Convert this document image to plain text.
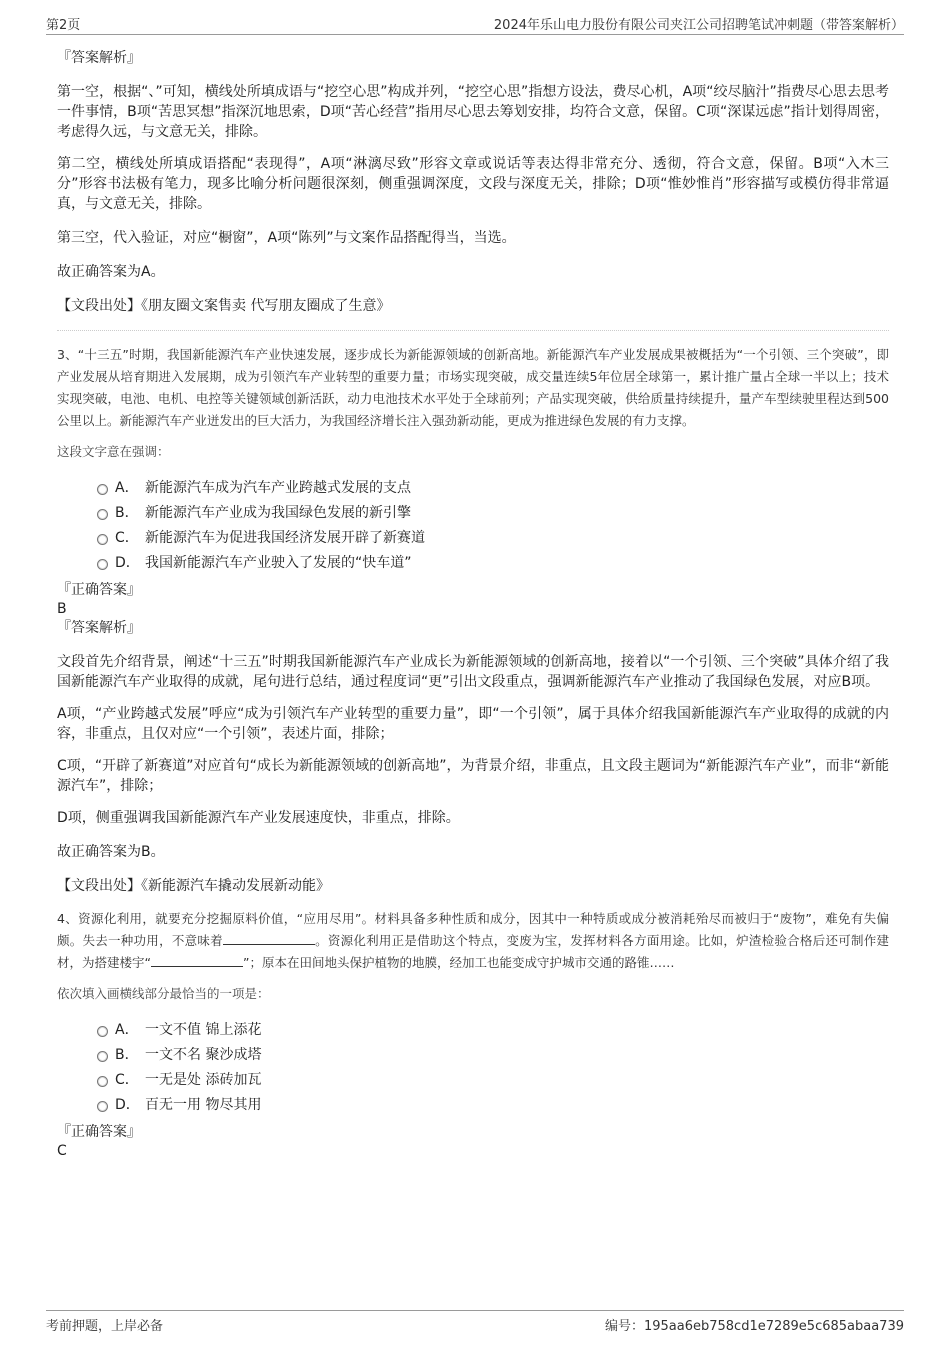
第2页	2024年乐山电力股份有限公司夹江公司招聘笔试冲刺题（带答案解析）
『答案解析』

第一空，根据“、”可知，横线处所填成语与“挖空心思”构成并列，“挖空心思”指想方设法，费尽心机，A项“绞尽脑汁”指费尽心思去思考一件事情，B项“苦思冥想”指深沉地思索，D项“苦心经营”指用尽心思去筹划安排，均符合文意，保留。C项“深谋远虑”指计划得周密，考虑得久远，与文意无关，排除。

第二空，横线处所填成语搭配“表现得”，A项“淋漓尽致”形容文章或说话等表达得非常充分、透彻，符合文意，保留。B项“入木三分”形容书法极有笔力，现多比喻分析问题很深刻，侧重强调深度，文段与深度无关，排除；D项“惟妙惟肖”形容描写或模仿得非常逼真，与文意无关，排除。

第三空，代入验证，对应“橱窗”，A项“陈列”与文案作品搭配得当，当选。

故正确答案为A。

【文段出处】《朋友圈文案售卖 代写朋友圈成了生意》

3、“十三五”时期，我国新能源汽车产业快速发展，逐步成长为新能源领域的创新高地。新能源汽车产业发展成果被概括为“一个引领、三个突破”，即产业发展从培育期进入发展期，成为引领汽车产业转型的重要力量；市场实现突破，成交量连续5年位居全球第一，累计推广量占全球一半以上；技术实现突破，电池、电机、电控等关键领域创新活跃，动力电池技术水平处于全球前列；产品实现突破，供给质量持续提升，量产车型续驶里程达到500公里以上。新能源汽车产业迸发出的巨大活力，为我国经济增长注入强劲新动能，更成为推进绿色发展的有力支撑。

这段文字意在强调：
A． 新能源汽车成为汽车产业跨越式发展的支点
B． 新能源汽车产业成为我国绿色发展的新引擎
C． 新能源汽车为促进我国经济发展开辟了新赛道
D． 我国新能源汽车产业驶入了发展的“快车道”
『正确答案』
B
『答案解析』

文段首先介绍背景，阐述“十三五”时期我国新能源汽车产业成长为新能源领域的创新高地，接着以“一个引领、三个突破”具体介绍了我国新能源汽车产业取得的成就，尾句进行总结，通过程度词“更”引出文段重点，强调新能源汽车产业推动了我国绿色发展，对应B项。

A项，“产业跨越式发展”呼应“成为引领汽车产业转型的重要力量”，即“一个引领”，属于具体介绍我国新能源汽车产业取得的成就的内容，非重点，且仅对应“一个引领”，表述片面，排除；

C项，“开辟了新赛道”对应首句“成长为新能源领域的创新高地”，为背景介绍，非重点，且文段主题词为“新能源汽车产业”，而非“新能源汽车”，排除；

D项，侧重强调我国新能源汽车产业发展速度快，非重点，排除。

故正确答案为B。

【文段出处】《新能源汽车撬动发展新动能》

4、资源化利用，就要充分挖掘原料价值，“应用尽用”。材料具备多种性质和成分，因其中一种特质或成分被消耗殆尽而被归于“废物”，难免有失偏颇。失去一种功用，不意味着	。资源化利用正是借助这个特点，变废为宝，发挥材料各方面用途。比如，炉渣检验合格后还可制作建材，为搭建楼宇“	”；原本在田间地头保护植物的地膜，经加工也能变成守护城市交通的路锥……

依次填入画横线部分最恰当的一项是：
A． 一文不值 锦上添花
B． 一文不名 聚沙成塔
C． 一无是处 添砖加瓦
D． 百无一用 物尽其用
『正确答案』
C
考前押题，上岸必备	编号：195aa6eb758cd1e7289e5c685abaa739
